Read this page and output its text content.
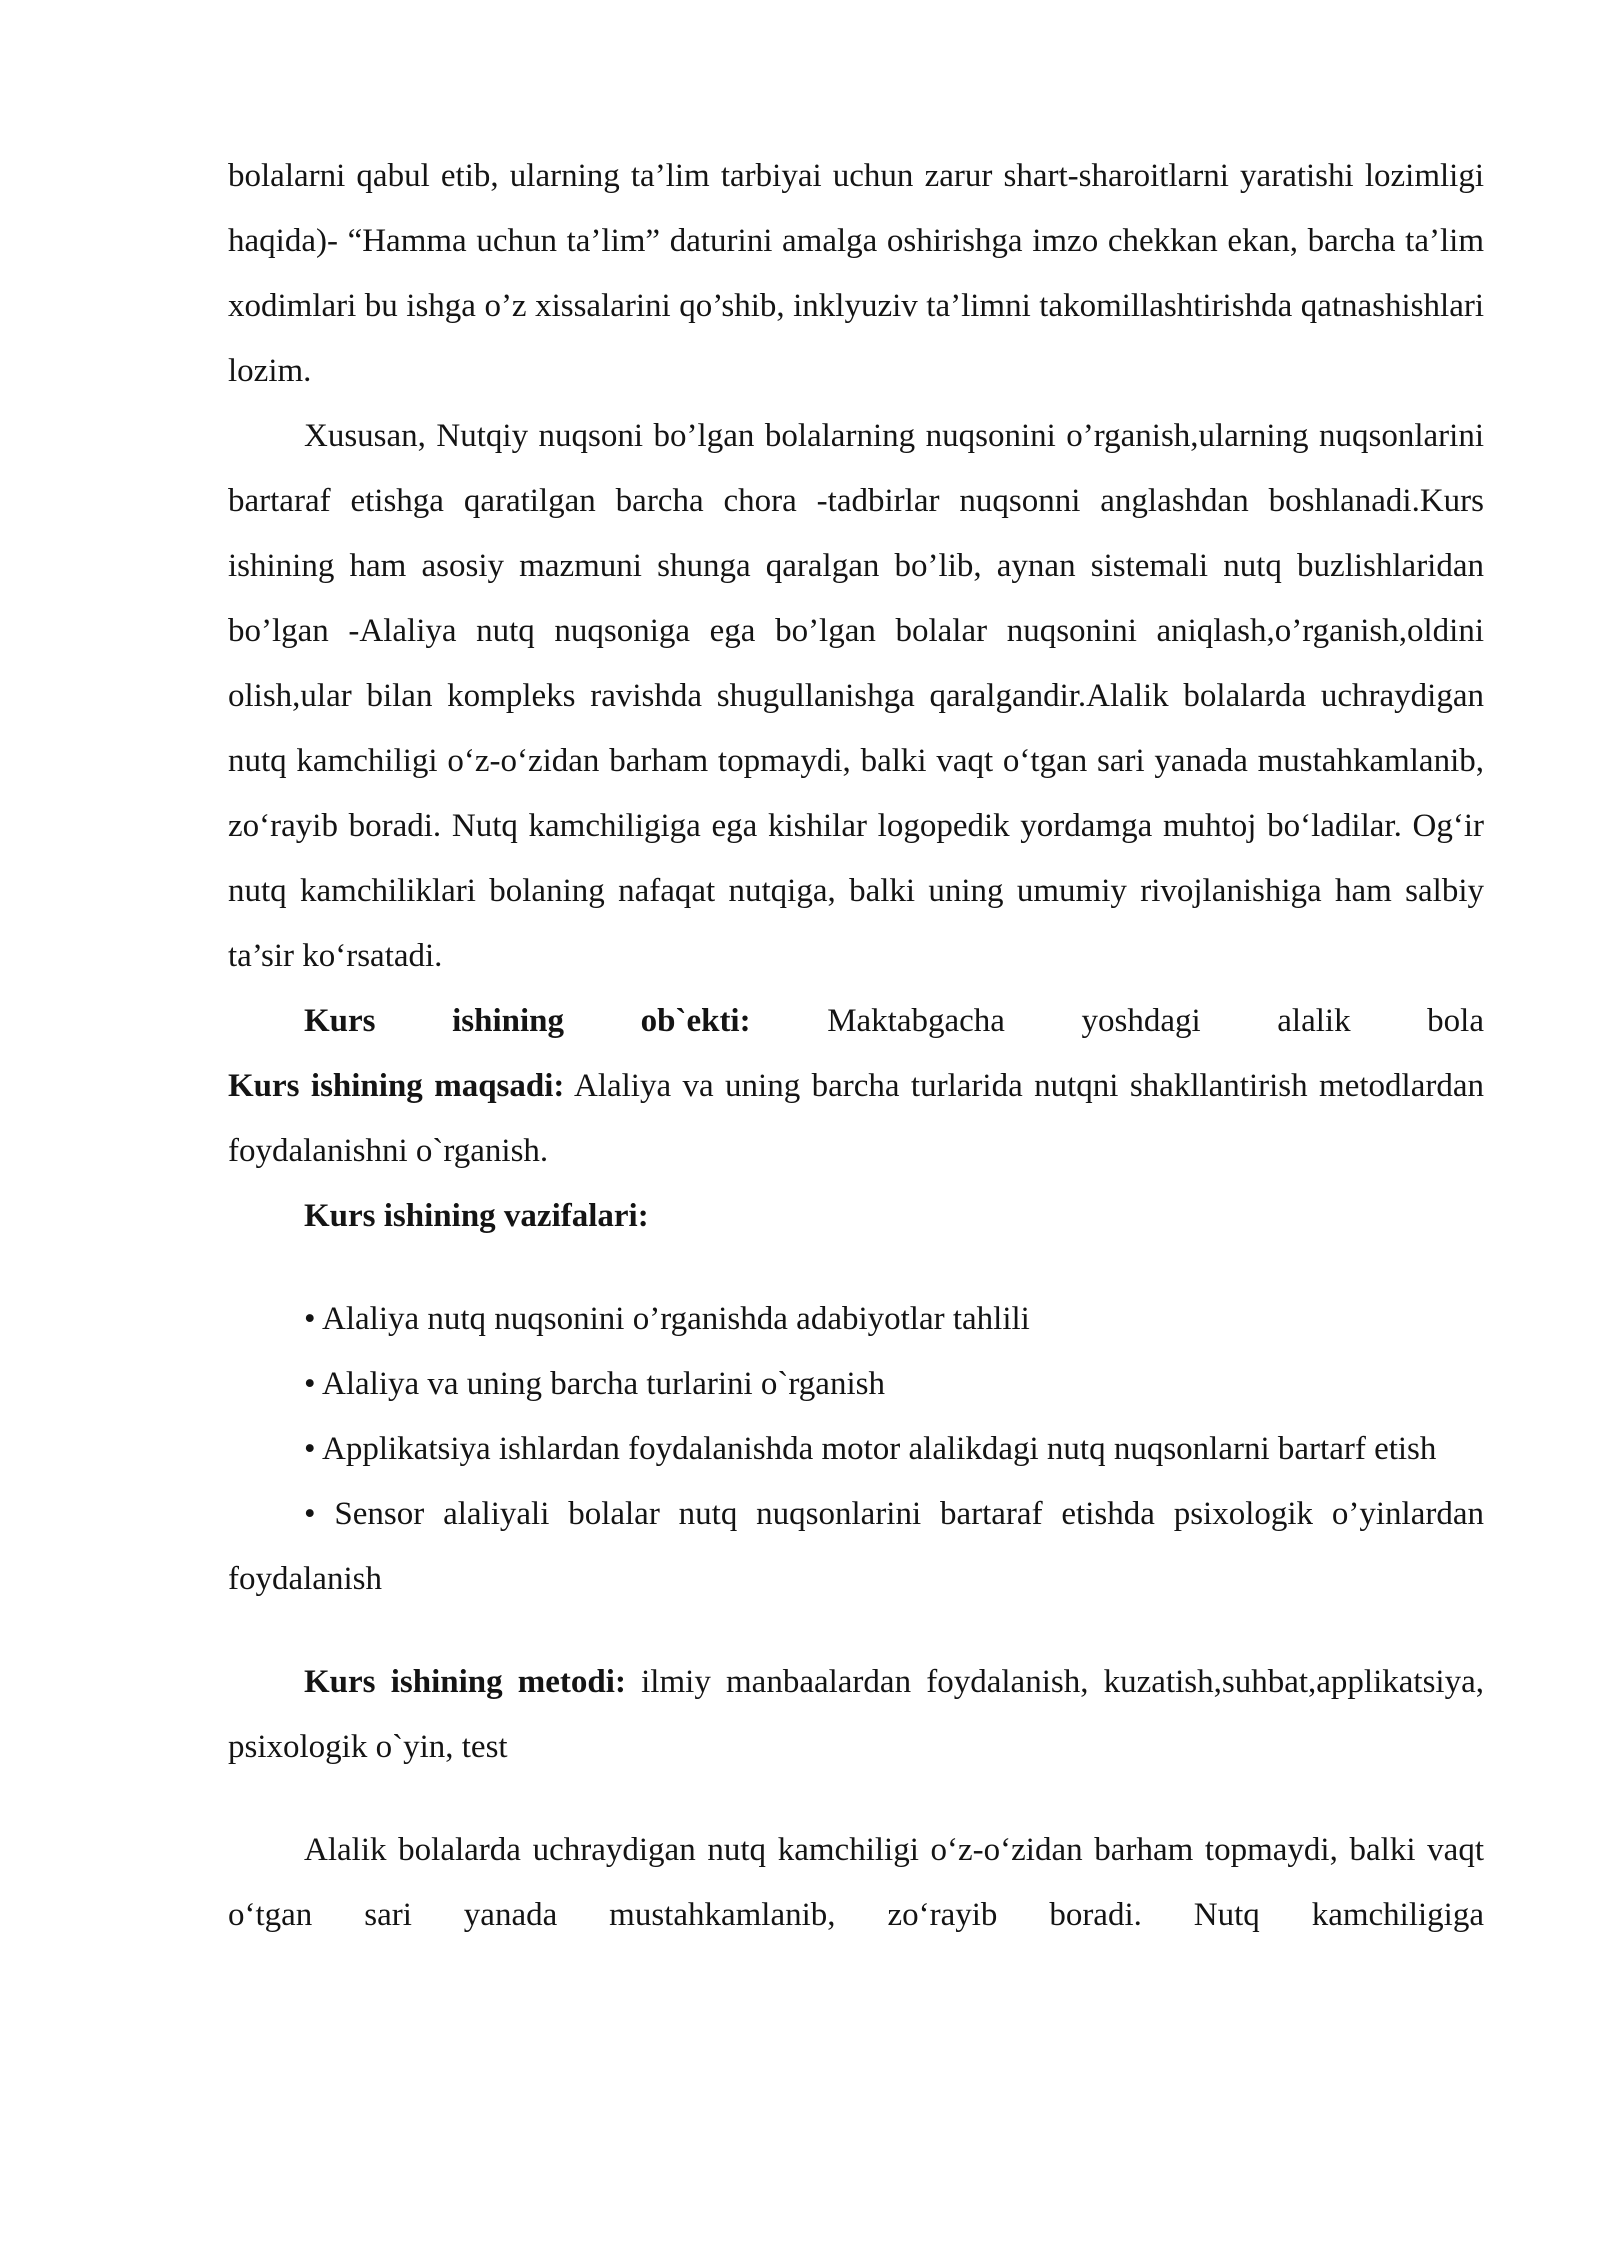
bolalarni qabul etib, ularning ta’lim tarbiyai uchun zarur shart-sharoitlarni yaratishi lozimligi haqida)- “Hamma uchun ta’lim” daturini amalga oshirishga imzo chekkan ekan, barcha ta’lim xodimlari bu ishga o’z xissalarini qo’shib, inklyuziv ta’limni takomillashtirishda qatnashishlari lozim.

Xususan, Nutqiy nuqsoni bo’lgan bolalarning nuqsonini o’rganish,ularning nuqsonlarini bartaraf etishga qaratilgan barcha chora -tadbirlar nuqsonni anglashdan boshlanadi.Kurs ishining ham asosiy mazmuni shunga qaralgan bo’lib, aynan sistemali nutq buzlishlaridan bo’lgan -Alaliya nutq nuqsoniga ega bo’lgan bolalar nuqsonini aniqlash,o’rganish,oldini olish,ular bilan kompleks ravishda shugullanishga qaralgandir.Alalik bolalarda uchraydigan nutq kamchiligi o‘z-o‘zidan barham topmaydi, balki vaqt o‘tgan sari yanada mustahkamlanib, zo‘rayib boradi. Nutq kamchiligiga ega kishilar logopedik yordamga muhtoj bo‘ladilar. Og‘ir nutq kamchiliklari bolaning nafaqat nutqiga, balki uning umumiy rivojlanishiga ham salbiy ta’sir ko‘rsatadi.

Kurs ishining ob`ekti: Maktabgacha yoshdagi alalik bola

Kurs ishining maqsadi: Alaliya va uning barcha turlarida nutqni shakllantirish metodlardan foydalanishni o`rganish.

Kurs ishining vazifalari:

• Alaliya nutq nuqsonini o’rganishda adabiyotlar tahlili

• Alaliya va uning barcha turlarini o`rganish

• Applikatsiya ishlardan foydalanishda motor alalikdagi nutq nuqsonlarni bartarf etish

• Sensor alaliyali bolalar nutq nuqsonlarini bartaraf etishda psixologik o’yinlardan foydalanish

Kurs ishining metodi: ilmiy manbaalardan foydalanish, kuzatish,suhbat,applikatsiya, psixologik o`yin, test

Alalik bolalarda uchraydigan nutq kamchiligi o‘z-o‘zidan barham topmaydi, balki vaqt o‘tgan sari yanada mustahkamlanib, zo‘rayib boradi. Nutq kamchiligiga
